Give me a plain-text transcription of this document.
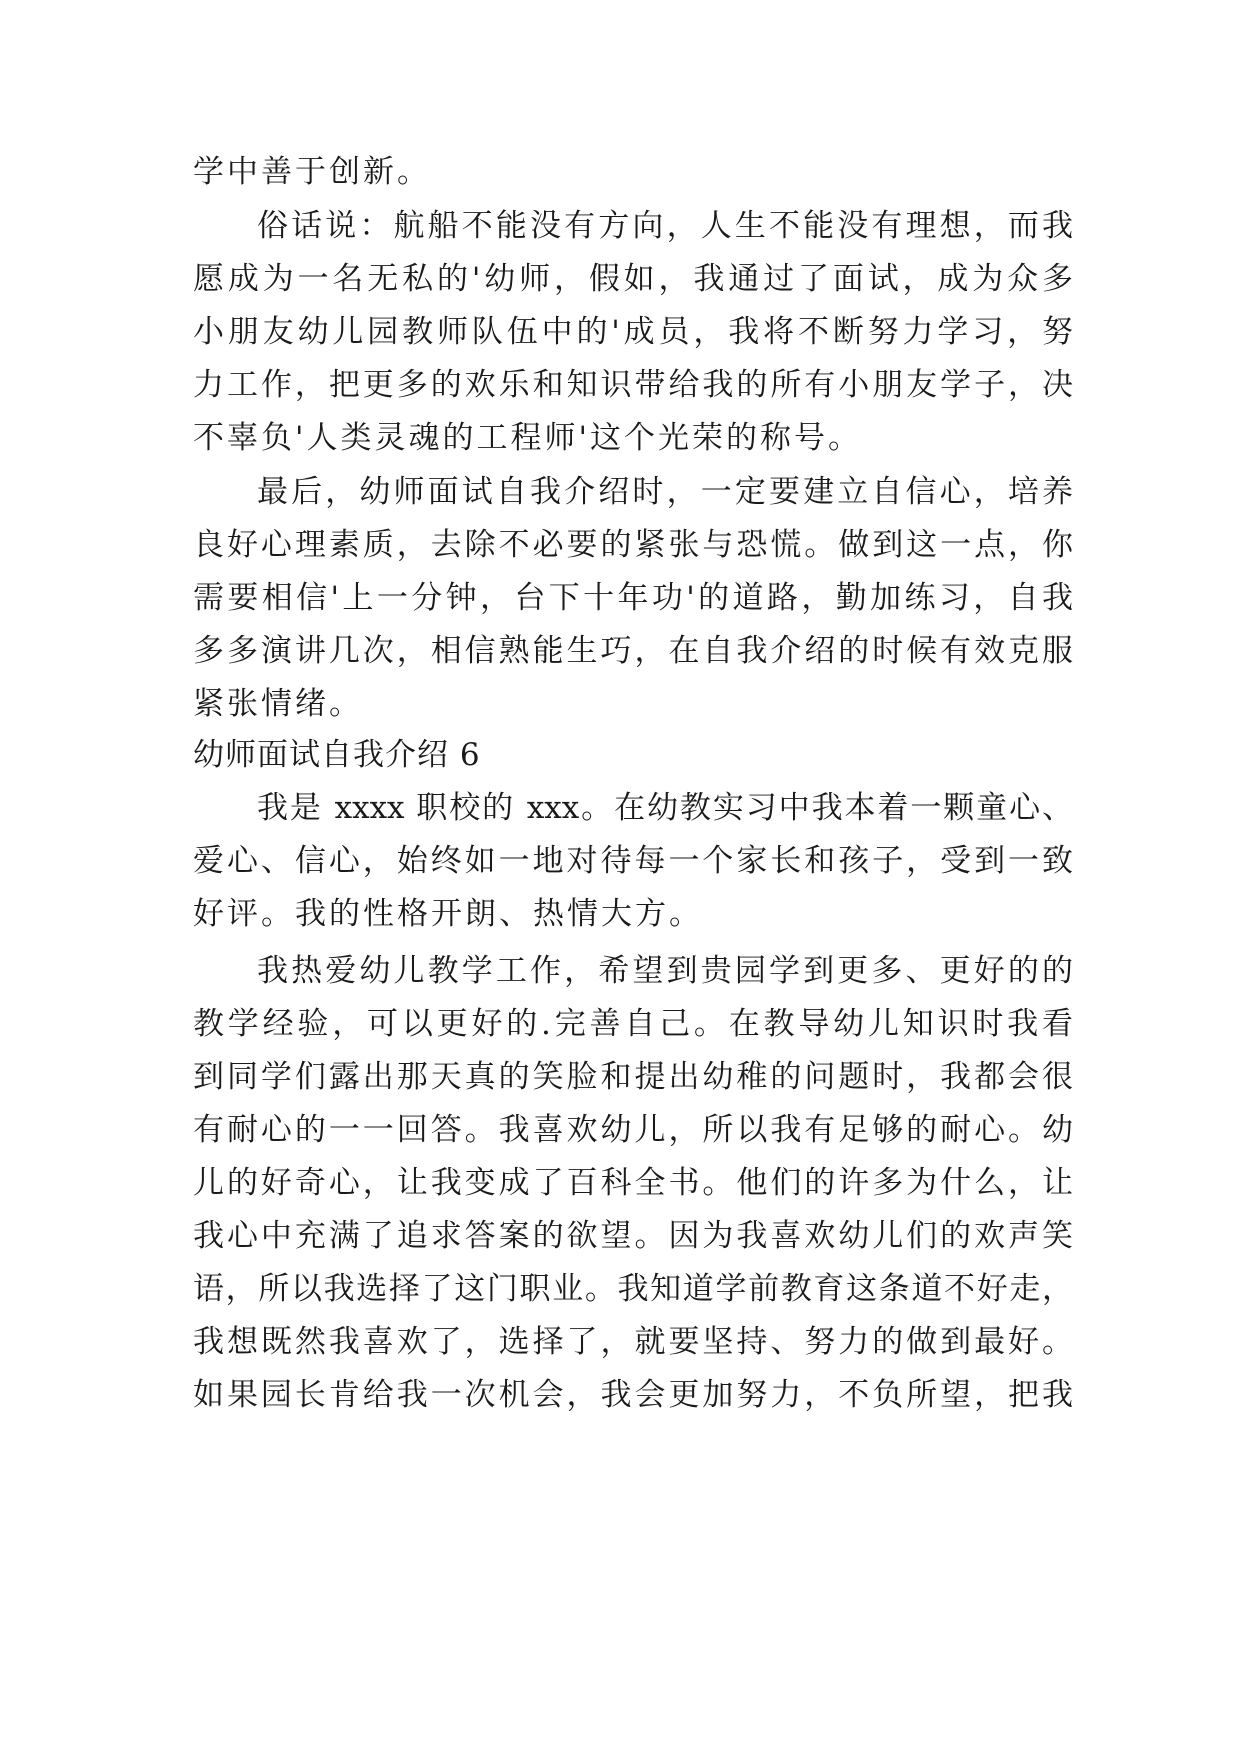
学中善于创新。
俗话说：航船不能没有方向，人生不能没有理想，而我
愿成为一名无私的'幼师，假如，我通过了面试，成为众多
小朋友幼儿园教师队伍中的'成员，我将不断努力学习，努
力工作，把更多的欢乐和知识带给我的所有小朋友学子，决
不辜负'人类灵魂的工程师'这个光荣的称号。
最后，幼师面试自我介绍时，一定要建立自信心，培养
良好心理素质，去除不必要的紧张与恐慌。做到这一点，你
需要相信'上一分钟，台下十年功'的道路，勤加练习，自我
多多演讲几次，相信熟能生巧，在自我介绍的时候有效克服
紧张情绪。
幼师面试自我介绍 6
我是 xxxx 职校的 xxx。在幼教实习中我本着一颗童心、
爱心、信心，始终如一地对待每一个家长和孩子，受到一致
好评。我的性格开朗、热情大方。
我热爱幼儿教学工作，希望到贵园学到更多、更好的的
教学经验，可以更好的.完善自己。在教导幼儿知识时我看
到同学们露出那天真的笑脸和提出幼稚的问题时，我都会很
有耐心的一一回答。我喜欢幼儿，所以我有足够的耐心。幼
儿的好奇心，让我变成了百科全书。他们的许多为什么，让
我心中充满了追求答案的欲望。因为我喜欢幼儿们的欢声笑
语，所以我选择了这门职业。我知道学前教育这条道不好走，
我想既然我喜欢了，选择了，就要坚持、努力的做到最好。
如果园长肯给我一次机会，我会更加努力，不负所望，把我
